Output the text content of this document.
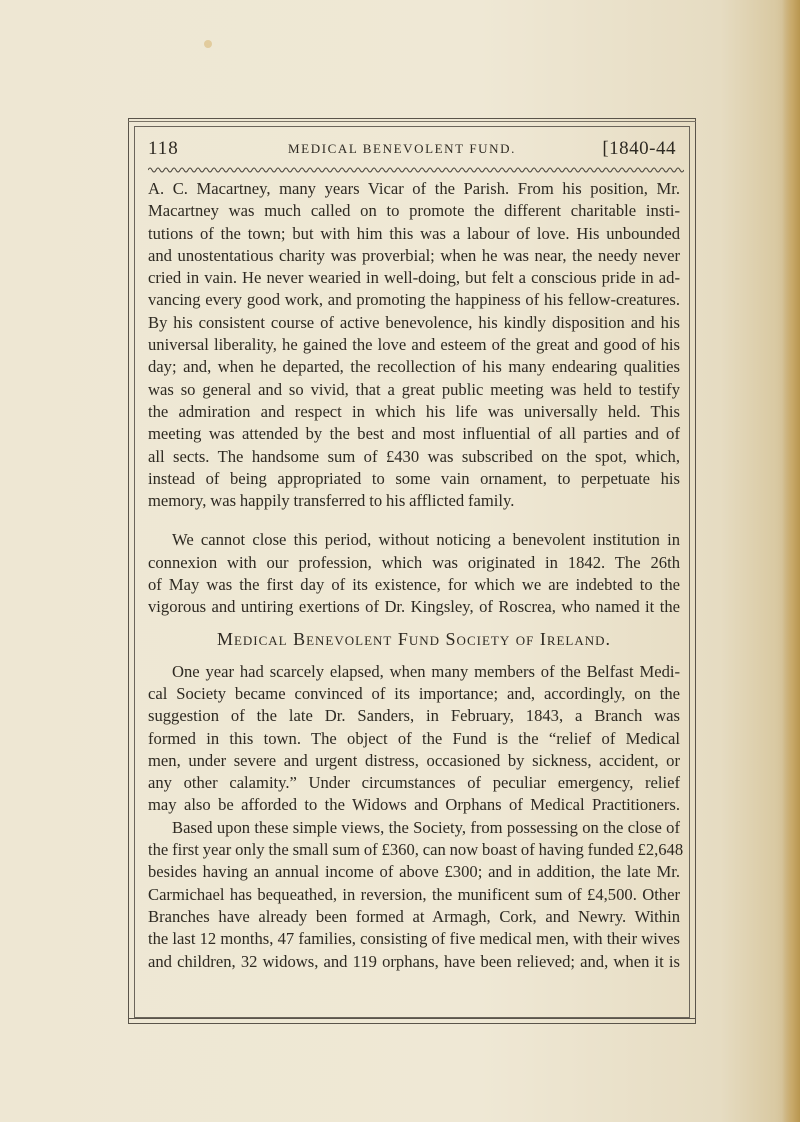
118	MEDICAL BENEVOLENT FUND.	[1840-44

A. C. Macartney, many years Vicar of the Parish. From his position, Mr.
Macartney was much called on to promote the different charitable insti-
tutions of the town; but with him this was a labour of love. His unbounded
and unostentatious charity was proverbial; when he was near, the needy never
cried in vain. He never wearied in well-doing, but felt a conscious pride in ad-
vancing every good work, and promoting the happiness of his fellow-creatures.
By his consistent course of active benevolence, his kindly disposition and his
universal liberality, he gained the love and esteem of the great and good of his
day; and, when he departed, the recollection of his many endearing qualities
was so general and so vivid, that a great public meeting was held to testify
the admiration and respect in which his life was universally held. This
meeting was attended by the best and most influential of all parties and of
all sects. The handsome sum of £430 was subscribed on the spot, which,
instead of being appropriated to some vain ornament, to perpetuate his
memory, was happily transferred to his afflicted family.

We cannot close this period, without noticing a benevolent institution in
connexion with our profession, which was originated in 1842. The 26th
of May was the first day of its existence, for which we are indebted to the
vigorous and untiring exertions of Dr. Kingsley, of Roscrea, who named it the

Medical Benevolent Fund Society of Ireland.

One year had scarcely elapsed, when many members of the Belfast Medi-
cal Society became convinced of its importance; and, accordingly, on the
suggestion of the late Dr. Sanders, in February, 1843, a Branch was
formed in this town. The object of the Fund is the “relief of Medical
men, under severe and urgent distress, occasioned by sickness, accident, or
any other calamity.” Under circumstances of peculiar emergency, relief
may also be afforded to the Widows and Orphans of Medical Practitioners.
Based upon these simple views, the Society, from possessing on the close of
the first year only the small sum of £360, can now boast of having funded £2,648
besides having an annual income of above £300; and in addition, the late Mr.
Carmichael has bequeathed, in reversion, the munificent sum of £4,500. Other
Branches have already been formed at Armagh, Cork, and Newry. Within
the last 12 months, 47 families, consisting of five medical men, with their wives
and children, 32 widows, and 119 orphans, have been relieved; and, when it is
